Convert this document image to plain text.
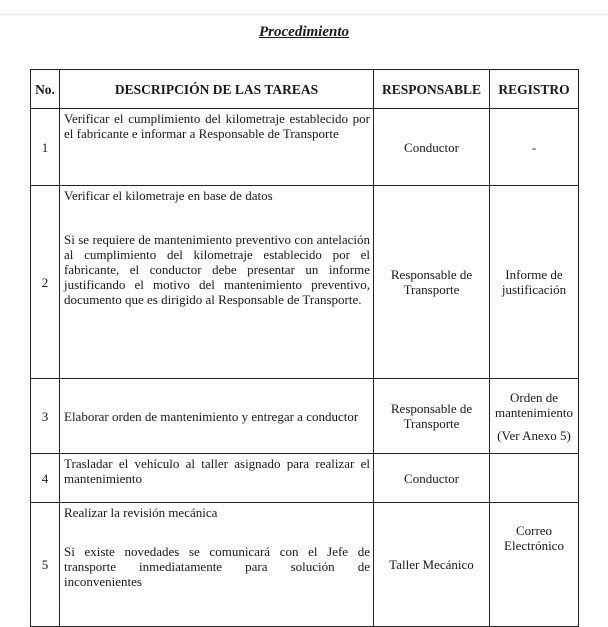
Procedimiento
No.	DESCRIPCIÓN DE LAS TAREAS	RESPONSABLE	REGISTRO
1	Verificar el cumplimiento del kilometraje establecido por el fabricante e informar a Responsable de Transporte	Conductor	-
2	Verificar el kilometraje en base de datos
Si se requiere de mantenimiento preventivo con antelación al cumplimiento del kilometraje establecido por el fabricante, el conductor debe presentar un informe justificando el motivo del mantenimiento preventivo, documento que es dirigido al Responsable de Transporte.	Responsable de Transporte	Informe de justificación
3	Elaborar orden de mantenimiento y entregar a conductor	Responsable de Transporte	Orden de mantenimiento
(Ver Anexo 5)

4	Trasladar el vehículo al taller asignado para realizar el mantenimiento	Conductor	
5	Realizar la revisión mecánica
Si existe novedades se comunicará con el Jefe de transporte inmediatamente para solución de inconvenientes	Taller Mecánico	Correo Electrónico
